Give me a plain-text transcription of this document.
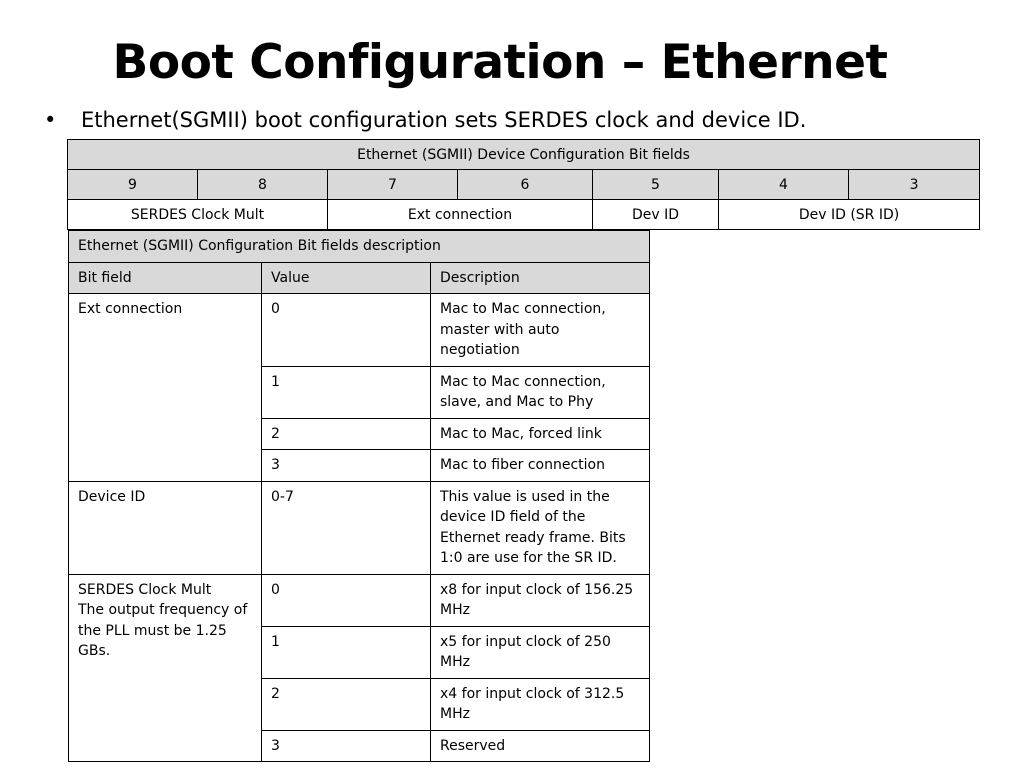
Boot Configuration – Ethernet
• Ethernet(SGMII) boot configuration sets SERDES clock and device ID.
Ethernet (SGMII) Device Configuration Bit fields						
9	8	7	6	5	4	3
SERDES Clock Mult		Ext connection		Dev ID	Dev ID (SR ID)	
Ethernet (SGMII) Configuration Bit fields description		
Bit field	Value	Description
Ext connection	0	Mac to Mac connection, master with auto negotiation
	1	Mac to Mac connection, slave, and Mac to Phy
	2	Mac to Mac, forced link
	3	Mac to fiber connection
Device ID	0-7	This value is used in the device ID field of the Ethernet ready frame. Bits 1:0 are use for the SR ID.
SERDES Clock Mult
The output frequency of the PLL must be 1.25 GBs.	0	x8 for input clock of 156.25 MHz
	1	x5 for input clock of 250 MHz
	2	x4 for input clock of 312.5 MHz
	3	Reserved
